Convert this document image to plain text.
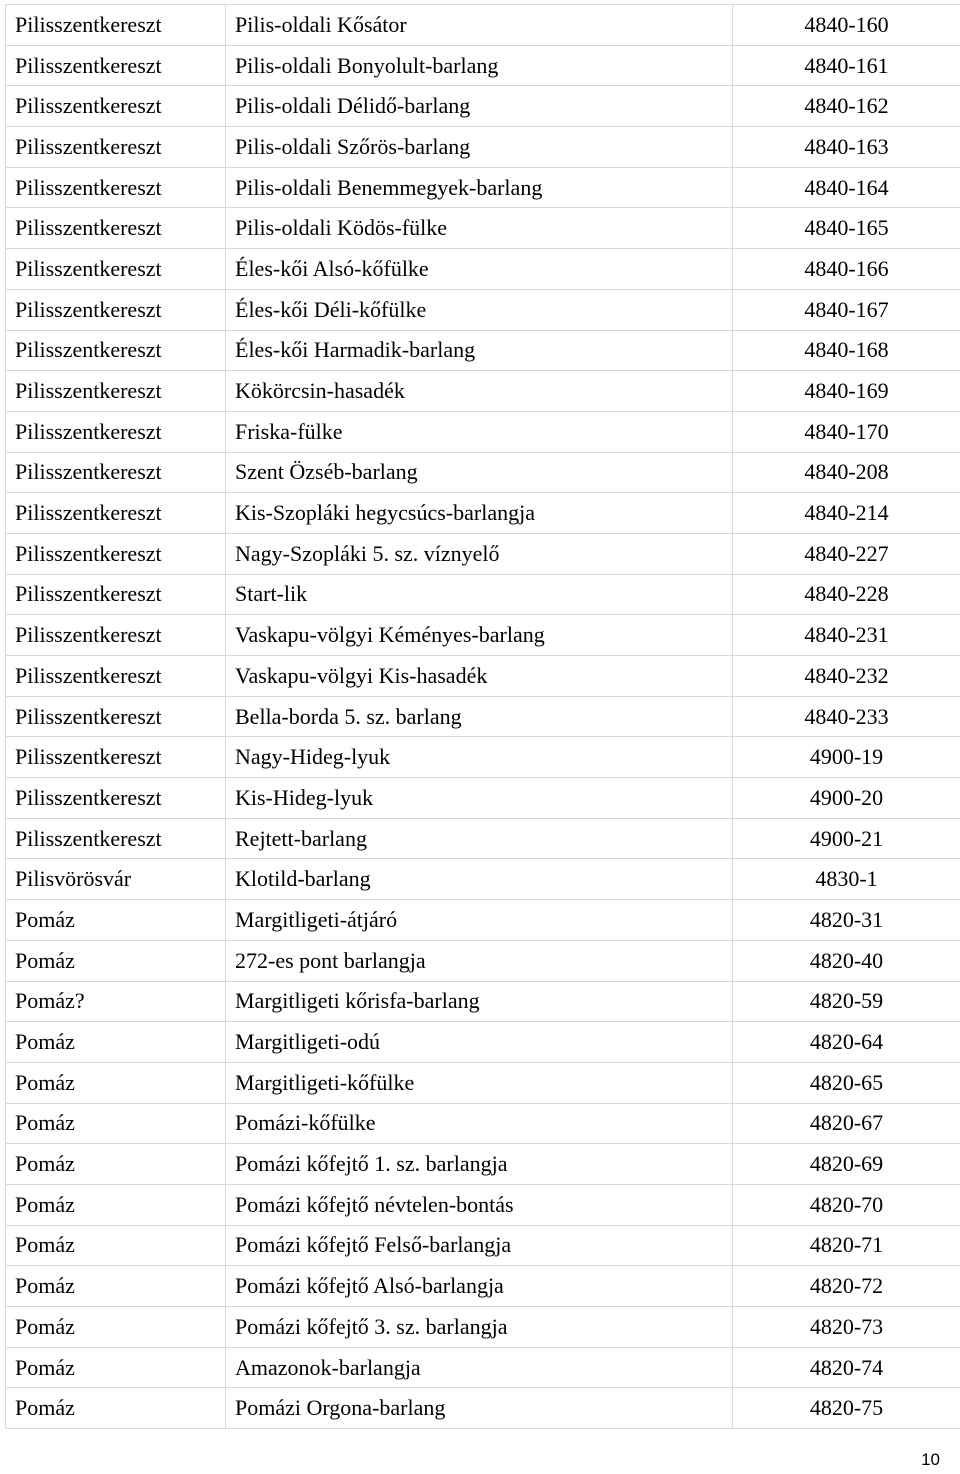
Pilisszentkereszt	Pilis-oldali Kősátor	4840-160
Pilisszentkereszt	Pilis-oldali Bonyolult-barlang	4840-161
Pilisszentkereszt	Pilis-oldali Délidő-barlang	4840-162
Pilisszentkereszt	Pilis-oldali Szőrös-barlang	4840-163
Pilisszentkereszt	Pilis-oldali Benemmegyek-barlang	4840-164
Pilisszentkereszt	Pilis-oldali Ködös-fülke	4840-165
Pilisszentkereszt	Éles-kői Alsó-kőfülke	4840-166
Pilisszentkereszt	Éles-kői Déli-kőfülke	4840-167
Pilisszentkereszt	Éles-kői Harmadik-barlang	4840-168
Pilisszentkereszt	Kökörcsin-hasadék	4840-169
Pilisszentkereszt	Friska-fülke	4840-170
Pilisszentkereszt	Szent Özséb-barlang	4840-208
Pilisszentkereszt	Kis-Szopláki hegycsúcs-barlangja	4840-214
Pilisszentkereszt	Nagy-Szopláki 5. sz. víznyelő	4840-227
Pilisszentkereszt	Start-lik	4840-228
Pilisszentkereszt	Vaskapu-völgyi Kéményes-barlang	4840-231
Pilisszentkereszt	Vaskapu-völgyi Kis-hasadék	4840-232
Pilisszentkereszt	Bella-borda 5. sz. barlang	4840-233
Pilisszentkereszt	Nagy-Hideg-lyuk	4900-19
Pilisszentkereszt	Kis-Hideg-lyuk	4900-20
Pilisszentkereszt	Rejtett-barlang	4900-21
Pilisvörösvár	Klotild-barlang	4830-1
Pomáz	Margitligeti-átjáró	4820-31
Pomáz	272-es pont barlangja	4820-40
Pomáz?	Margitligeti kőrisfa-barlang	4820-59
Pomáz	Margitligeti-odú	4820-64
Pomáz	Margitligeti-kőfülke	4820-65
Pomáz	Pomázi-kőfülke	4820-67
Pomáz	Pomázi kőfejtő 1. sz. barlangja	4820-69
Pomáz	Pomázi kőfejtő névtelen-bontás	4820-70
Pomáz	Pomázi kőfejtő Felső-barlangja	4820-71
Pomáz	Pomázi kőfejtő Alsó-barlangja	4820-72
Pomáz	Pomázi kőfejtő 3. sz. barlangja	4820-73
Pomáz	Amazonok-barlangja	4820-74
Pomáz	Pomázi Orgona-barlang	4820-75
10
